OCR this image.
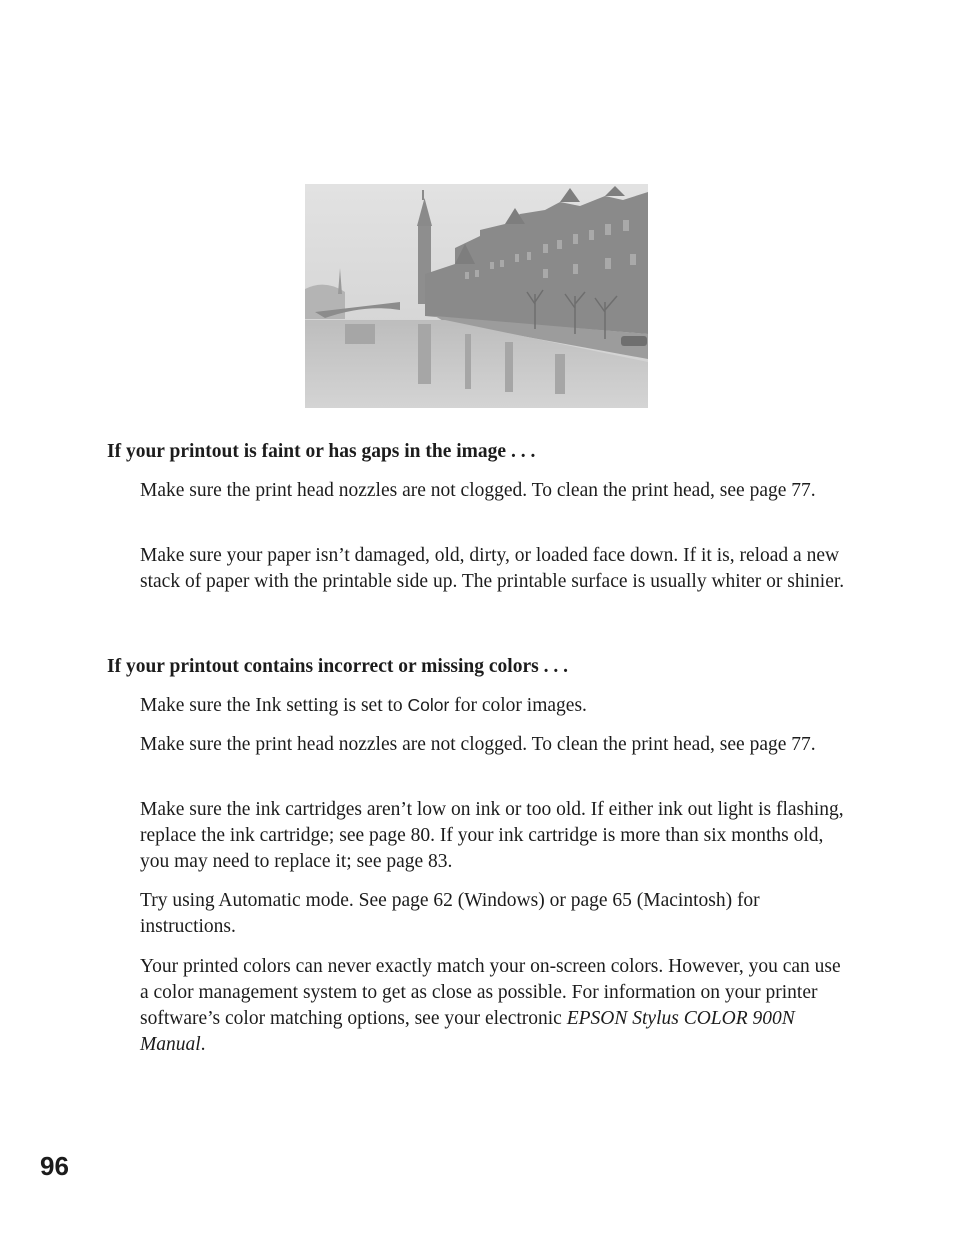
If your printout is faint or has gaps in the image . . .

Make sure the print head nozzles are not clogged. To clean the print head, see page 77.

Make sure your paper isn’t damaged, old, dirty, or loaded face down. If it is, reload a new stack of paper with the printable side up. The printable surface is usually whiter or shinier.

If your printout contains incorrect or missing colors . . .

Make sure the Ink setting is set to Color for color images.

Make sure the print head nozzles are not clogged. To clean the print head, see page 77.

Make sure the ink cartridges aren’t low on ink or too old. If either ink out light is flashing, replace the ink cartridge; see page 80. If your ink cartridge is more than six months old, you may need to replace it; see page 83.

Try using Automatic mode. See page 62 (Windows) or page 65 (Macintosh) for instructions.

Your printed colors can never exactly match your on-screen colors. However, you can use a color management system to get as close as possible. For information on your printer software’s color matching options, see your electronic EPSON Stylus COLOR 900N Manual.

96
